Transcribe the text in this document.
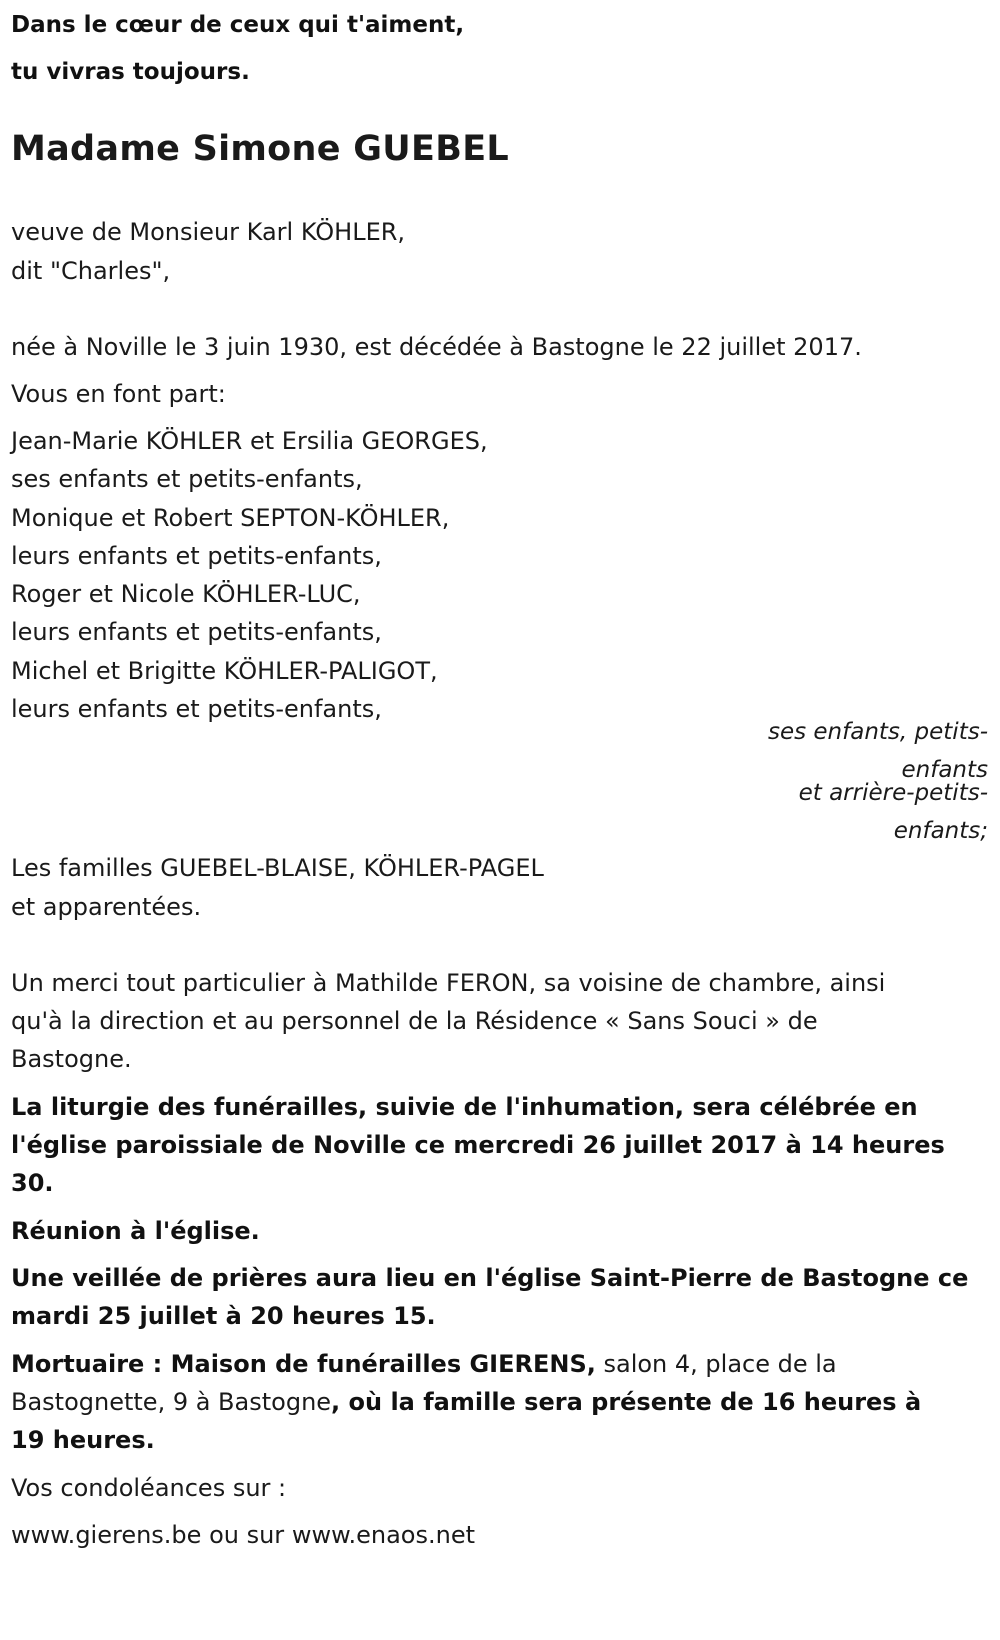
Dans le cœur de ceux qui t'aiment,

tu vivras toujours.

Madame Simone GUEBEL

veuve de Monsieur Karl KÖHLER,

dit "Charles",

née à Noville le 3 juin 1930, est décédée à Bastogne le 22 juillet 2017.

Vous en font part:

Jean-Marie KÖHLER et Ersilia GEORGES,

ses enfants et petits-enfants,

Monique et Robert SEPTON-KÖHLER,

leurs enfants et petits-enfants,

Roger et Nicole KÖHLER-LUC,

leurs enfants et petits-enfants,

Michel et Brigitte KÖHLER-PALIGOT,

leurs enfants et petits-enfants,

ses enfants, petits-

enfants

et arrière-petits-

enfants;

Les familles GUEBEL-BLAISE, KÖHLER-PAGEL

et apparentées.

Un merci tout particulier à Mathilde FERON, sa voisine de chambre, ainsi

qu'à la direction et au personnel de la Résidence « Sans Souci » de

Bastogne.

La liturgie des funérailles, suivie de l'inhumation, sera célébrée en

l'église paroissiale de Noville ce mercredi 26 juillet 2017 à 14 heures

30.

Réunion à l'église.

Une veillée de prières aura lieu en l'église Saint-Pierre de Bastogne ce

mardi 25 juillet à 20 heures 15.

Mortuaire : Maison de funérailles GIERENS, salon 4, place de la

Bastognette, 9 à Bastogne, où la famille sera présente de 16 heures à

19 heures.

Vos condoléances sur :

www.gierens.be ou sur www.enaos.net
